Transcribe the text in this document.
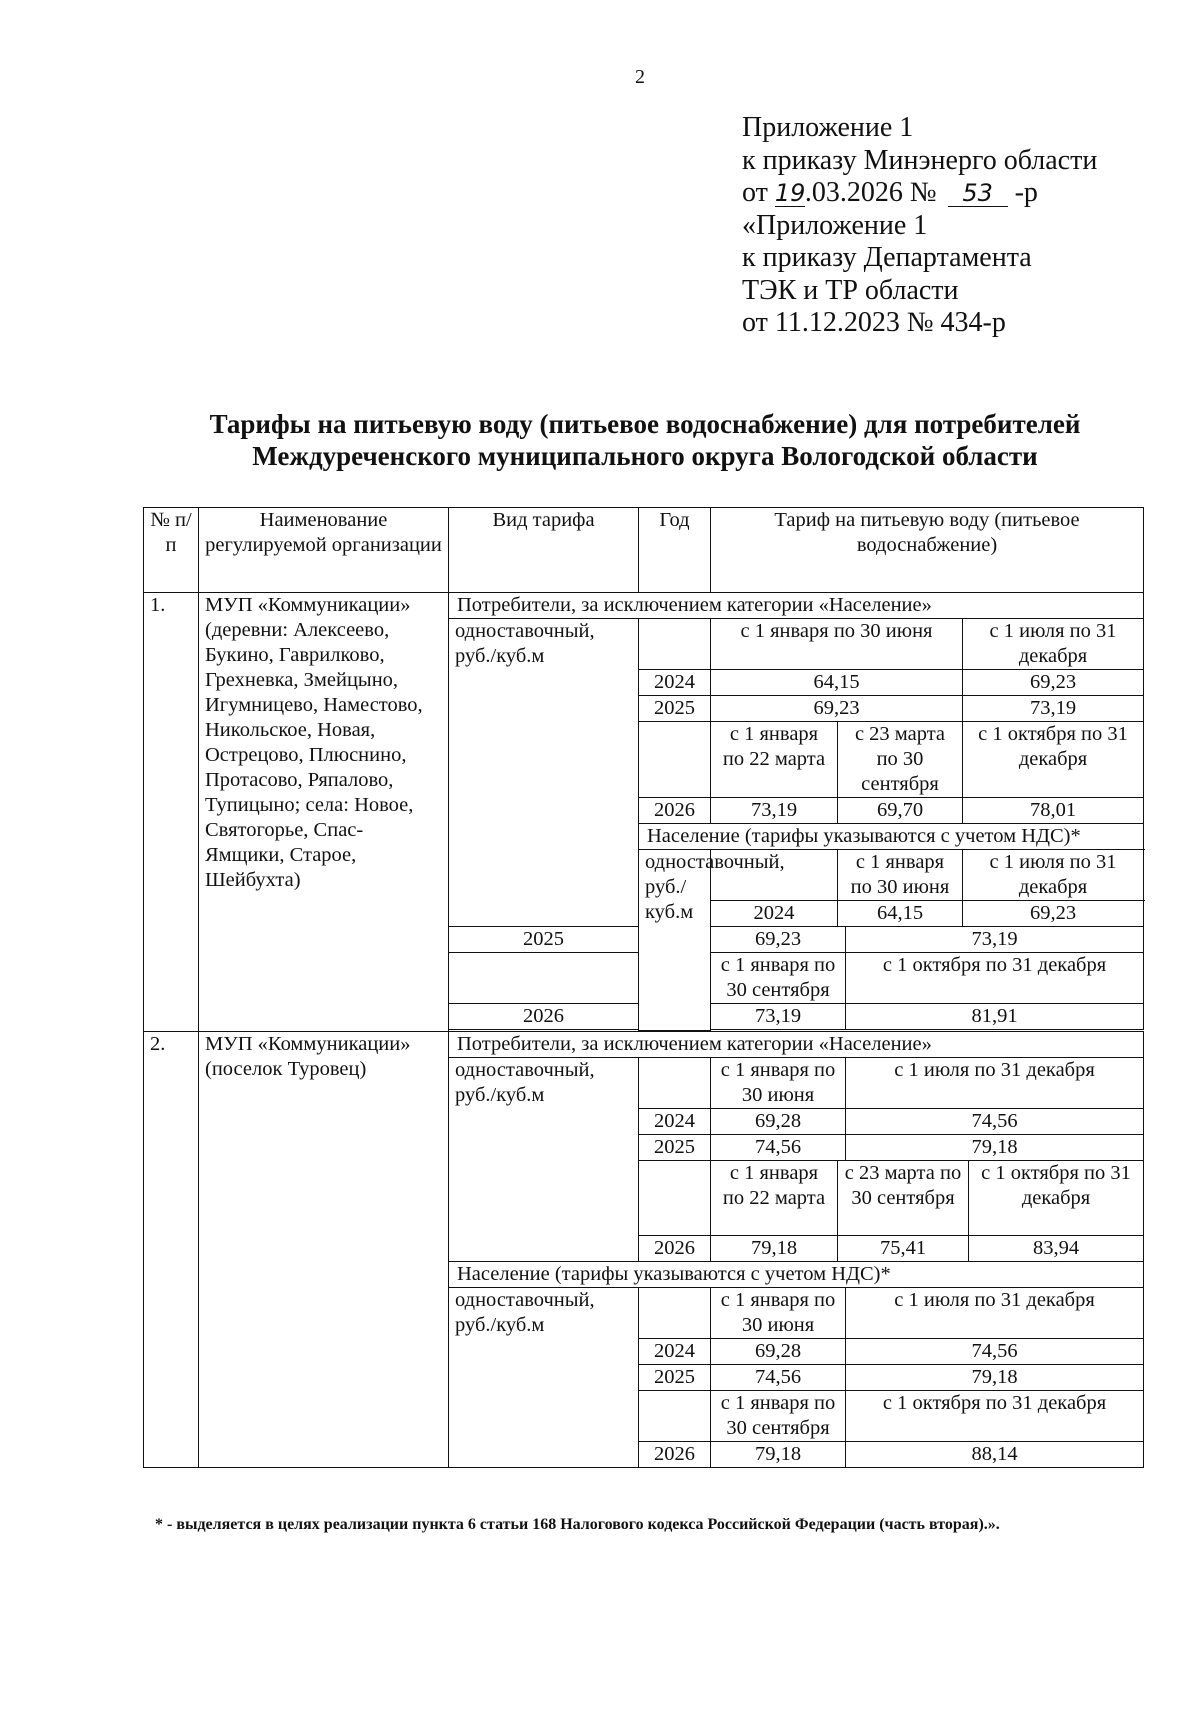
2
Приложение 1
к приказу Минэнерго области
от 19.03.2026 № 53 -р
«Приложение 1
к приказу Департамента
ТЭК и ТР области
от 11.12.2023 № 434-р
Тарифы на питьевую воду (питьевое водоснабжение) для потребителей
Междуреченского муниципального округа Вологодской области
№ п/п	Наименование регулируемой организации	Вид тарифа	Год	Тариф на питьевую воду (питьевое водоснабжение)				
1.	МУП «Коммуникации» (деревни: Алексеево, Букино, Гаврилково, Грехневка, Змейцыно, Игумницево, Наместово, Никольское, Новая, Острецово, Плюснино, Протасово, Ряпалово, Тупицыно; села: Новое, Святогорье, Спас-Ямщики, Старое, Шейбухта)	Потребители, за исключением категории «Население»						
		одноставочный, руб./куб.м		с 1 января по 30 июня			с 1 июля по 31 декабря	
			2024	64,15			69,23	
			2025	69,23			73,19	
				с 1 января по 22 марта	с 23 марта по 30 сентября		с 1 октября по 31 декабря	
			2026	73,19	69,70		78,01	
			Население (тарифы указываются с учетом НДС)*					
			одноставочный, руб./куб.м		с 1 января по 30 июня		с 1 июля по 31 декабря	
				2024	64,15		69,23	
		2025		69,23		73,19		
				с 1 января по 30 сентября		с 1 октября по 31 декабря		
		2026		73,19		81,91		

2.	МУП «Коммуникации» (поселок Туровец)	Потребители, за исключением категории «Население»						
		одноставочный, руб./куб.м		с 1 января по 30 июня		с 1 июля по 31 декабря		
			2024	69,28		74,56		
			2025	74,56		79,18		
				с 1 января по 22 марта	с 23 марта по 30 сентября			с 1 октября по 31 декабря
			2026	79,18	75,41			83,94
		Население (тарифы указываются с учетом НДС)*						
		одноставочный, руб./куб.м		с 1 января по 30 июня		с 1 июля по 31 декабря		
			2024	69,28		74,56		
			2025	74,56		79,18		
				с 1 января по 30 сентября		с 1 октября по 31 декабря		
			2026	79,18		88,14		
* - выделяется в целях реализации пункта 6 статьи 168 Налогового кодекса Российской Федерации (часть вторая).».
